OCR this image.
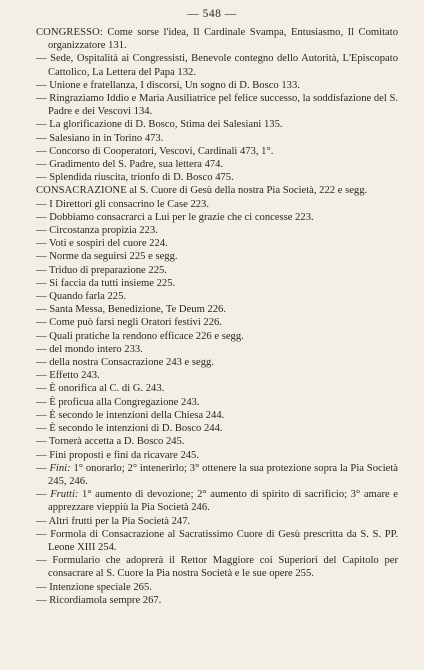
— 548 —
CONGRESSO: Come sorse l'idea, Il Cardinale Svampa, Entusiasmo, Il Comitato organizzatore 131.
— Sede, Ospitalità ai Congressisti, Benevole contegno dello Autorità, L'Episcopato Cattolico, La Lettera del Papa 132.
— Unione e fratellanza, I discorsi, Un sogno di D. Bosco 133.
— Ringraziamo Iddio e Maria Ausiliatrice pel felice successo, la soddisfazione del S. Padre e dei Vescovi 134.
— La glorificazione di D. Bosco, Stima dei Salesiani 135.
— Salesiano in in Torino 473.
— Concorso di Cooperatori, Vescovi, Cardinali 473, 1°.
— Gradimento del S. Padre, sua lettera 474.
— Splendida riuscita, trionfo di D. Bosco 475.
CONSACRAZIONE al S. Cuore di Gesù della nostra Pia Società, 222 e segg.
— I Direttori gli consacrino le Case 223.
— Dobbiamo consacrarci a Lui per le grazie che ci concesse 223.
— Circostanza propizia 223.
— Voti e sospiri del cuore 224.
— Norme da seguirsi 225 e segg.
— Triduo di preparazione 225.
— Si faccia da tutti insieme 225.
— Quando farla 225.
— Santa Messa, Benedizione, Te Deum 226.
— Come può farsi negli Oratori festivi 226.
— Quali pratiche la rendono efficace 226 e segg.
— del mondo intero 233.
— della nostra Consacrazione 243 e segg.
— Effetto 243.
— È onorifica al C. di G. 243.
— È proficua alla Congregazione 243.
— È secondo le intenzioni della Chiesa 244.
— È secondo le intenzioni di D. Bosco 244.
— Tornerà accetta a D. Bosco 245.
— Fini proposti e fini da ricavare 245.
— Fini: 1° onorarlo; 2° intenerirlo; 3° ottenere la sua protezione sopra la Pia Società 245, 246.
— Frutti: 1° aumento di devozione; 2° aumento di spirito di sacrificio; 3° amare e apprezzare vieppiù la Pia Società 246.
— Altri frutti per la Pia Società 247.
— Formola di Consacrazione al Sacratissimo Cuore di Gesù prescritta da S. S. PP. Leone XIII 254.
— Formulario che adoprerà il Rettor Maggiore coi Superiori del Capitolo per consacrare al S. Cuore la Pia nostra Società e le sue opere 255.
— Intenzione speciale 265.
— Ricordiamola sempre 267.
